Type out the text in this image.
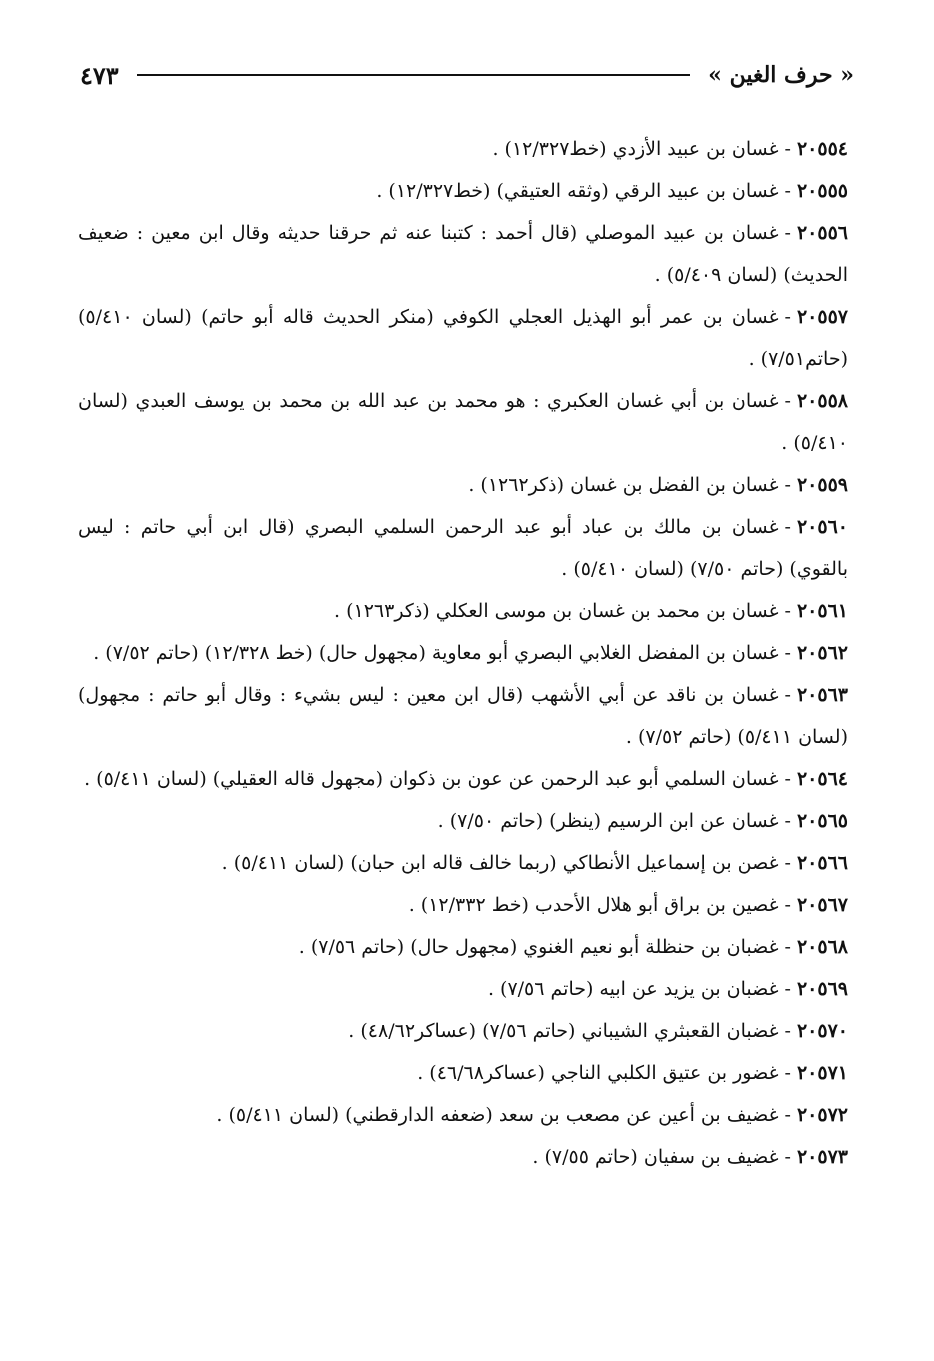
« حرف الغين »
٤٧٣

٢٠٥٥٤-غسان بن عبيد الأزدي (خط١٢/٣٢٧) .

٢٠٥٥٥-غسان بن عبيد الرقي (وثقه العتيقي) (خط١٢/٣٢٧) .

٢٠٥٥٦-غسان بن عبيد الموصلي (قال أحمد : كتبنا عنه ثم حرقنا حديثه وقال ابن معين : ضعيف الحديث) (لسان ٥/٤٠٩) .

٢٠٥٥٧-غسان بن عمر أبو الهذيل العجلي الكوفي (منكر الحديث قاله أبو حاتم) (لسان ٥/٤١٠) (حاتم٧/٥١) .

٢٠٥٥٨-غسان بن أبي غسان العكبري : هو محمد بن عبد الله بن محمد بن يوسف العبدي (لسان ٥/٤١٠) .

٢٠٥٥٩-غسان بن الفضل بن غسان (ذكر١٢٦٢) .

٢٠٥٦٠-غسان بن مالك بن عباد أبو عبد الرحمن السلمي البصري (قال ابن أبي حاتم : ليس بالقوي) (حاتم ٧/٥٠) (لسان ٥/٤١٠) .

٢٠٥٦١-غسان بن محمد بن غسان بن موسى العكلي (ذكر١٢٦٣) .

٢٠٥٦٢-غسان بن المفضل الغلابي البصري أبو معاوية (مجهول حال) (خط ١٢/٣٢٨) (حاتم ٧/٥٢) .

٢٠٥٦٣-غسان بن ناقد عن أبي الأشهب (قال ابن معين : ليس بشيء : وقال أبو حاتم : مجهول) (لسان ٥/٤١١) (حاتم ٧/٥٢) .

٢٠٥٦٤-غسان السلمي أبو عبد الرحمن عن عون بن ذكوان (مجهول قاله العقيلي) (لسان ٥/٤١١) .

٢٠٥٦٥-غسان عن ابن الرسيم (ينظر) (حاتم ٧/٥٠) .

٢٠٥٦٦-غصن بن إسماعيل الأنطاكي (ربما خالف قاله ابن حبان) (لسان ٥/٤١١) .

٢٠٥٦٧-غصين بن براق أبو هلال الأحدب (خط ١٢/٣٣٢) .

٢٠٥٦٨-غضبان بن حنظلة أبو نعيم الغنوي (مجهول حال) (حاتم ٧/٥٦) .

٢٠٥٦٩-غضبان بن يزيد عن ابيه (حاتم ٧/٥٦) .

٢٠٥٧٠-غضبان القعبثري الشيباني (حاتم ٧/٥٦) (عساكر٤٨/٦٢) .

٢٠٥٧١-غضور بن عتيق الكلبي الناجي (عساكر٤٦/٦٨) .

٢٠٥٧٢-غضيف بن أعين عن مصعب بن سعد (ضعفه الدارقطني) (لسان ٥/٤١١) .

٢٠٥٧٣-غضيف بن سفيان (حاتم ٧/٥٥) .
